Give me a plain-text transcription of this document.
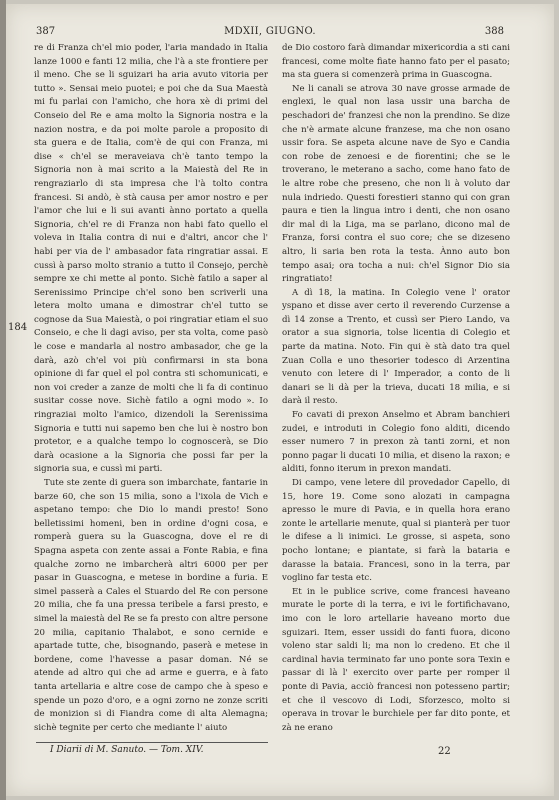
387	MDXII, GIUGNO.	388
184

re di Franza ch'el mio poder, l'aria mandado in Italia lanze 1000 e fanti 12 milia, che l'à a ste frontiere per il meno. Che se li sguizari ha aria avuto vitoria per tutto ». Sensai meio puotei; e poi che da Sua Maestà mi fu parlai con l'amicho, che hora xè di primi del Conseio del Re e ama molto la Signoria nostra e la nazion nostra, e da poi molte parole a proposito di sta guera e de Italia, com'è de qui con Franza, mi dise « ch'el se meraveiava ch'è tanto tempo la Signoria non à mai scrito a la Maiestà del Re in rengraziarlo di sta impresa che l'à tolto contra francesi. Si andò, è stà causa per amor nostro e per l'amor che lui e li sui avanti ànno portato a quella Signoria, ch'el re di Franza non habi fato quello el voleva in Italia contra di nui e d'altri, ancor che l' habi per via de l' ambasador fata ringratiar assai. E cussì à parso molto stranio a tutto il Consejo, perchè sempre xe chi mette al ponto. Sichè fatilo a saper al Serenissimo Principe ch'el sono ben scriverli una letera molto umana e dimostrar ch'el tutto se cognose da Sua Maiestà, o poi ringratiar etiam el suo Conseio, e che li dagi aviso, per sta volta, come pasò le cose e mandarla al nostro ambasador, che ge la darà, azò ch'el voi più confirmarsi in sta bona opinione di far quel el pol contra sti schomunicati, e non voi creder a zanze de molti che li fa di continuo susitar cosse nove. Sichè fatilo a ogni modo ». Io ringraziai molto l'amico, dizendoli la Serenissima Signoria e tutti nui sapemo ben che lui è nostro bon protetor, e a qualche tempo lo cognoscerà, se Dio darà ocasione a la Signoria che possi far per la signoria sua, e cussì mi parti.

Tute ste zente di guera son imbarchate, fantarie in barze 60, che son 15 milia, sono a l'ixola de Vich e aspetano tempo: che Dio lo mandi presto! Sono belletissimi homeni, ben in ordine d'ogni cosa, e romperà guera su la Guascogna, dove el re di Spagna aspeta con zente assai a Fonte Rabia, e fina qualche zorno ne imbarcherà altri 6000 per per pasar in Guascogna, e metese in bordine a furia. E simel passerà a Cales el Stuardo del Re con persone 20 milia, che fa una pressa teribele a farsi presto, e simel la maiestà del Re se fa presto con altre persone 20 milia, capitanio Thalabot, e sono cernide e apartade tutte, che, bisognando, paserà e metese in bordene, come l'havesse a pasar doman. Né se atende ad altro qui che ad arme e guerra, e à fato tanta artellaria e altre cose de campo che à speso e spende un pozo d'oro, e a ogni zorno ne zonze scriti de monizion si di Fiandra come di alta Alemagna; sichè tegnite per certo che mediante l' aiuto

de Dio costoro farà dimandar mixericordia a sti cani francesi, come molte fiate hanno fato per el pasato; ma sta guera si comenzerà prima in Guascogna.

Ne li canali se atrova 30 nave grosse armade de englexi, le qual non lasa ussir una barcha de peschadori de' franzesi che non la prendino. Se dize che n'è armate alcune franzese, ma che non osano ussir fora. Se aspeta alcune nave de Syo e Candia con robe de zenoesi e de fiorentini; che se le troverano, le meterano a sacho, come hano fato de le altre robe che preseno, che non li à voluto dar nula indriedo. Questi forestieri stanno qui con gran paura e tien la lingua intro i denti, che non osano dir mal di la Liga, ma se parlano, dicono mal de Franza, forsi contra el suo core; che se dizeseno altro, li saria ben rota la testa. Ànno auto bon tempo asai; ora tocha a nui: ch'el Signor Dio sia ringratiato!

A dì 18, la matina. In Colegio vene l' orator yspano et disse aver certo il reverendo Curzense a dì 14 zonse a Trento, et cussì ser Piero Lando, va orator a sua signoria, tolse licentia di Colegio et parte da matina. Noto. Fin qui è stà dato tra quel Zuan Colla e uno thesorier todesco di Arzentina venuto con letere di l' Imperador, a conto de li danari se li dà per la trieva, ducati 18 milia, e si darà il resto.

Fo cavati di prexon Anselmo et Abram banchieri zudei, e introduti in Colegio fono alditi, dicendo esser numero 7 in prexon zà tanti zorni, et non ponno pagar li ducati 10 milia, et diseno la raxon; e alditi, fonno iterum in prexon mandati.

Di campo, vene letere dil provedador Capello, di 15, hore 19. Come sono alozati in campagna apresso le mure di Pavia, e in quella hora erano zonte le artellarie menute, qual si pianterà per tuor le difese a li inimici. Le grosse, si aspeta, sono pocho lontane; e piantate, si farà la bataria e darasse la bataia. Francesi, sono in la terra, par voglino far testa etc.

Et in le publice scrive, come francesi haveano murate le porte di la terra, e ivi le fortifichavano, imo con le loro artellarie haveano morto due sguizari. Item, esser ussidi do fanti fuora, dicono voleno star saldi li; ma non lo credeno. Et che il cardinal havia terminato far uno ponte sora Texin e passar di là l' exercito over parte per romper il ponte di Pavia, acciò francesi non potesseno partir; et che il vescovo di Lodi, Sforzesco, molto si operava in trovar le burchiele per far dito ponte, et zà ne erano

I Diarii di M. Sanuto. — Tom. XIV.	22
